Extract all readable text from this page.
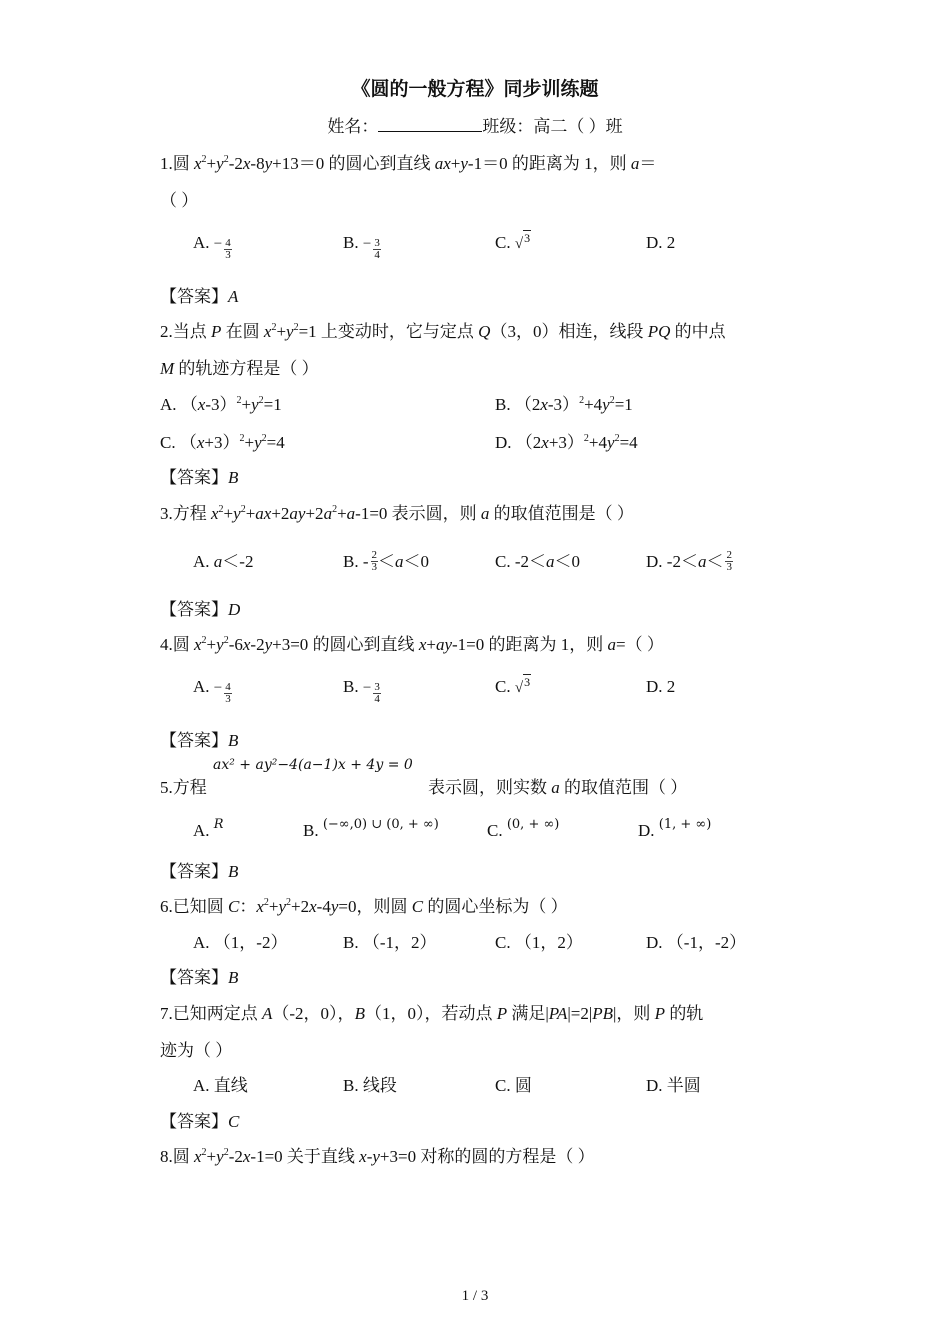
《圆的一般方程》同步训练题
姓名：	班级：高二（ ）班
1.圆 $x^2+y^2-2x-8y+13=0$ 的圆心到直线 ax+y-1＝0 的距离为 1，则 a＝
（ ）
A. − $\frac{4}{3}$	B. − $\frac{3}{4}$	C. √$^3$	D. 2
【答案】A
2.当点 P 在圆 $x^2+y^2=1$ 上变动时，它与定点 Q（3，0）相连，线段 PQ 的中点
M 的轨迹方程是（ ）
A. $(x-3)^2+y^2=1$	B. $(2x-3)^2+4y^2=1$
C. $(x+3)^2+y^2=4$	D. $(2x+3)^2+4y^2=4$
【答案】B
3.方程 $x^2+y^2+ax+2ay+2a^2+a-1=0$ 表示圆，则 a 的取值范围是（ ）
A. a＜-2	B. - $\frac{2}{3} <a<0$	C. -2＜a＜0	D. $-2<a< \frac{2}{3}$
【答案】D
4.圆 $x^2+y^2-6x-2y+3=0$ 的圆心到直线 x+ay-1=0 的距离为 1，则 a=（ ）
A. − $\frac{4}{3}$	B. − $\frac{3}{4}$	C. √$^3$	D. 2
【答案】B
5.方程
ax² + ay²−4(a−1)x + 4y = 0
表示圆，则实数 a 的取值范围（ ）
A. $^R$	B. $^{(-\infty,0) \cup (0, + \infty)}$	C. $^{(0, + \infty)}$	D. $^{(1, + \infty)}$
【答案】B
6.已知圆 C：$x^2+y^2+2x-4y=0$，则圆 C 的圆心坐标为（ ）
A. （1，-2）	B. （-1，2）	C. （1，2）	D. （-1，-2）
【答案】B
7.已知两定点 A（-2，0），B（1，0），若动点 P 满足|PA|=2|PB|，则 P 的轨
迹为（ ）
A. 直线	B. 线段	C. 圆	D. 半圆
【答案】C
8.圆 $x^2+y^2-2x-1=0$ 关于直线 x-y+3=0 对称的圆的方程是（ ）
1 / 3
